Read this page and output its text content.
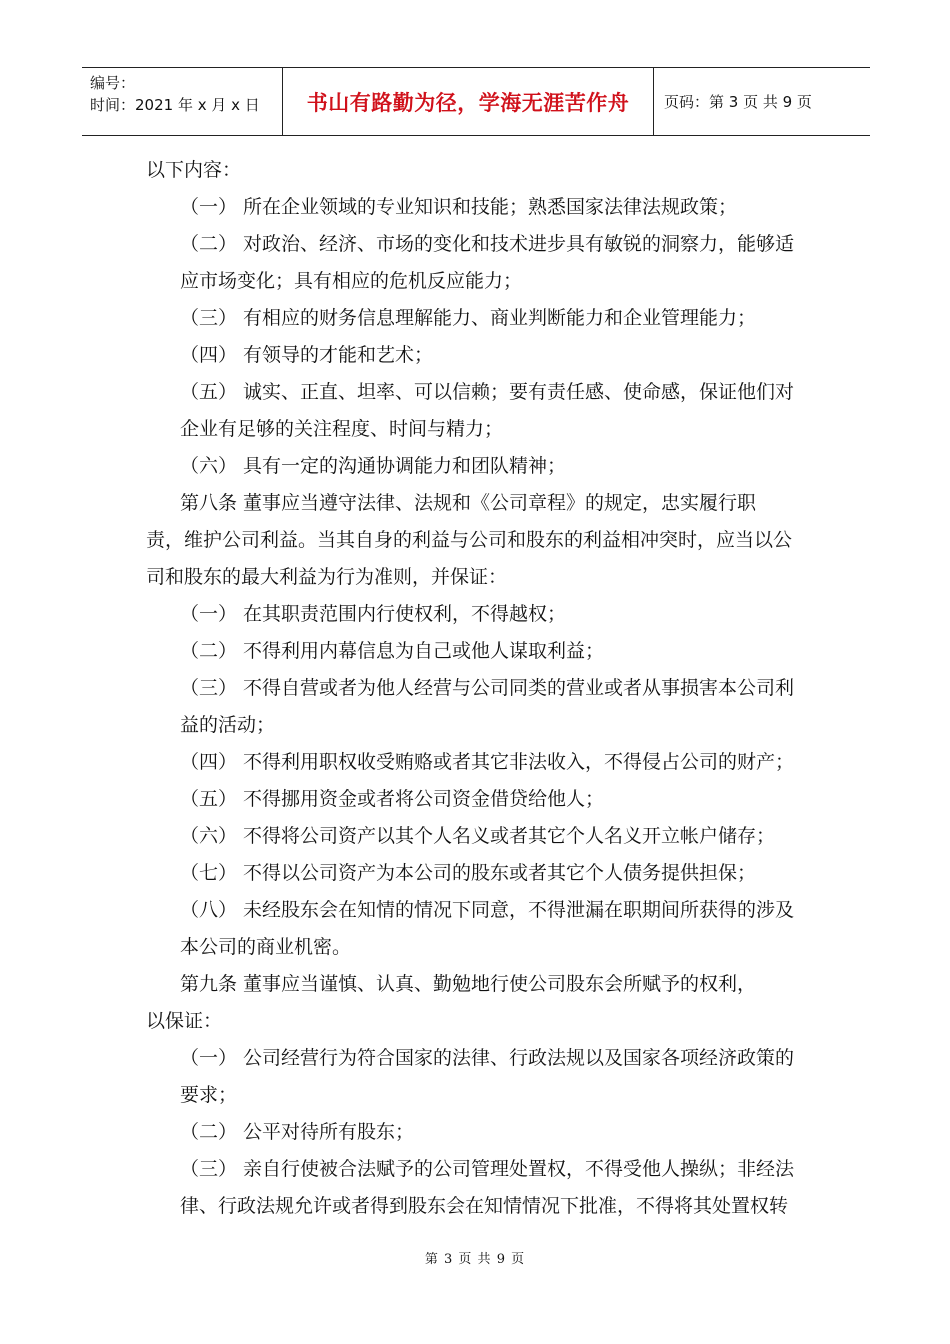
编号：
时间：2021 年 x 月 x 日	书山有路勤为径，学海无涯苦作舟 页码：第 3 页 共 9 页
以下内容：
（一） 所在企业领域的专业知识和技能；熟悉国家法律法规政策；
（二） 对政治、经济、市场的变化和技术进步具有敏锐的洞察力，能够适
应市场变化；具有相应的危机反应能力；
（三） 有相应的财务信息理解能力、商业判断能力和企业管理能力；
（四） 有领导的才能和艺术；
（五） 诚实、正直、坦率、可以信赖；要有责任感、使命感，保证他们对
企业有足够的关注程度、时间与精力；
（六） 具有一定的沟通协调能力和团队精神；
第八条 董事应当遵守法律、法规和《公司章程》的规定，忠实履行职
责，维护公司利益。当其自身的利益与公司和股东的利益相冲突时，应当以公
司和股东的最大利益为行为准则，并保证：
（一） 在其职责范围内行使权利，不得越权；
（二） 不得利用内幕信息为自己或他人谋取利益；
（三） 不得自营或者为他人经营与公司同类的营业或者从事损害本公司利
益的活动；
（四） 不得利用职权收受贿赂或者其它非法收入，不得侵占公司的财产；
（五） 不得挪用资金或者将公司资金借贷给他人；
（六） 不得将公司资产以其个人名义或者其它个人名义开立帐户储存；
（七） 不得以公司资产为本公司的股东或者其它个人债务提供担保；
（八） 未经股东会在知情的情况下同意，不得泄漏在职期间所获得的涉及
本公司的商业机密。
第九条 董事应当谨慎、认真、勤勉地行使公司股东会所赋予的权利，
以保证：
（一） 公司经营行为符合国家的法律、行政法规以及国家各项经济政策的
要求；
（二） 公平对待所有股东；
（三） 亲自行使被合法赋予的公司管理处置权，不得受他人操纵；非经法
律、行政法规允许或者得到股东会在知情情况下批准，不得将其处置权转
第 3 页 共 9 页
